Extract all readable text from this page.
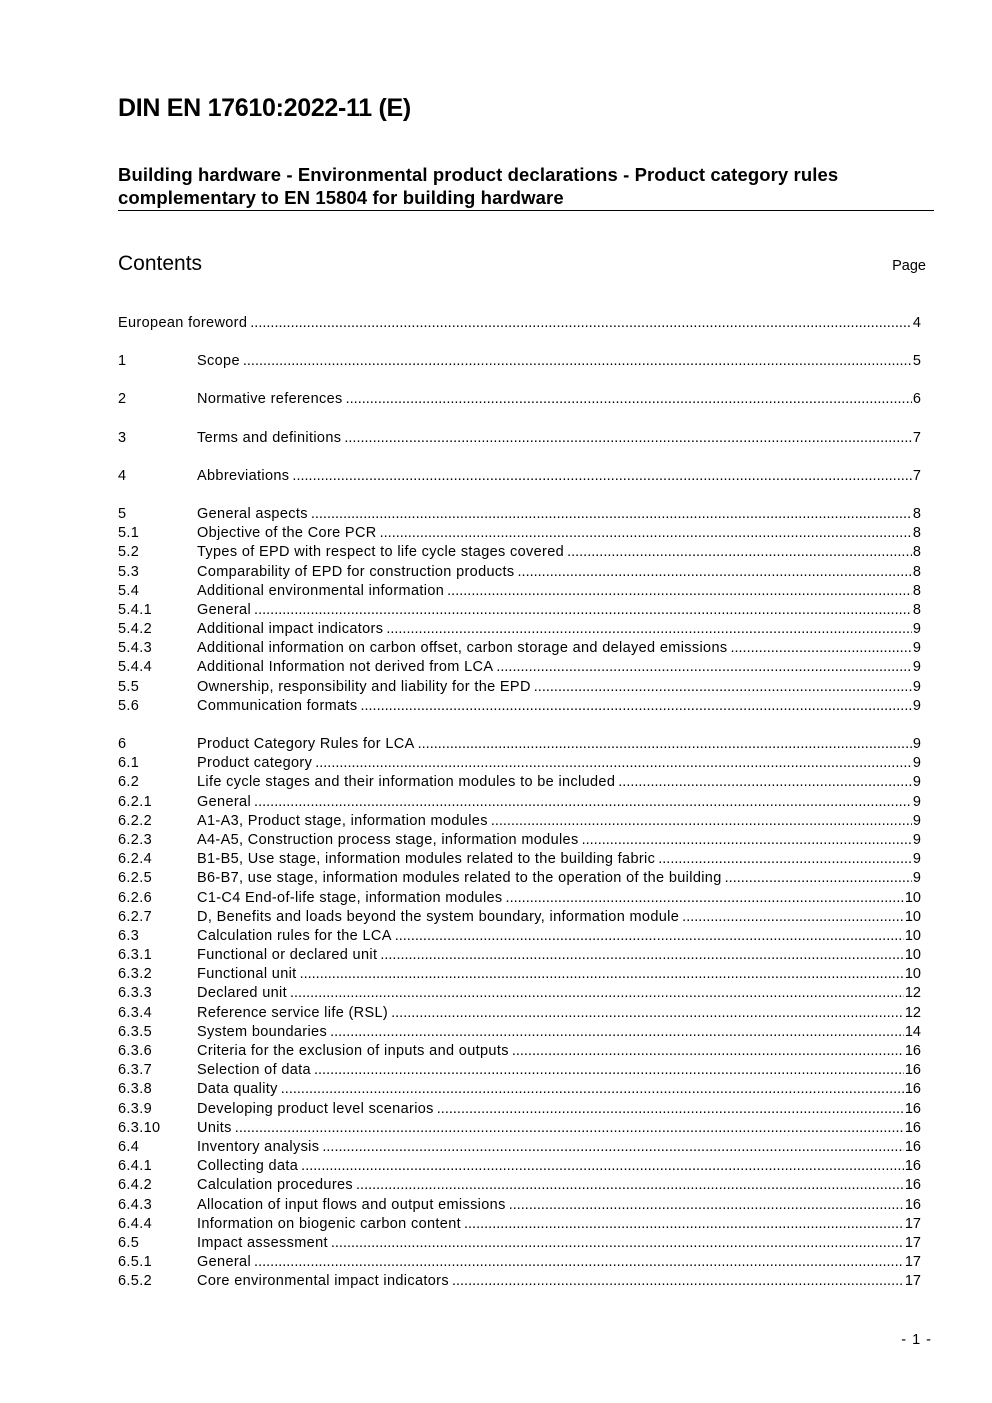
DIN EN 17610:2022-11 (E)
Building hardware - Environmental product declarations - Product category rules
complementary to EN 15804 for building hardware
Contents	Page
European foreword .....	4
1	Scope .....	5
2	Normative references .....	6
3	Terms and definitions .....	7
4	Abbreviations .....	7
5	General aspects .....	8
5.1	Objective of the Core PCR .....	8
5.2	Types of EPD with respect to life cycle stages covered .....	8
5.3	Comparability of EPD for construction products .....	8
5.4	Additional environmental information .....	8
5.4.1	General .....	8
5.4.2	Additional impact indicators .....	9
5.4.3	Additional information on carbon offset, carbon storage and delayed emissions .....	9
5.4.4	Additional Information not derived from LCA .....	9
5.5	Ownership, responsibility and liability for the EPD .....	9
5.6	Communication formats .....	9
6	Product Category Rules for LCA .....	9
6.1	Product category .....	9
6.2	Life cycle stages and their information modules to be included .....	9
6.2.1	General .....	9
6.2.2	A1-A3, Product stage, information modules .....	9
6.2.3	A4-A5, Construction process stage, information modules .....	9
6.2.4	B1-B5, Use stage, information modules related to the building fabric .....	9
6.2.5	B6-B7, use stage, information modules related to the operation of the building .....	9
6.2.6	C1-C4 End-of-life stage, information modules .....	10
6.2.7	D, Benefits and loads beyond the system boundary, information module .....	10
6.3	Calculation rules for the LCA .....	10
6.3.1	Functional or declared unit .....	10
6.3.2	Functional unit .....	10
6.3.3	Declared unit .....	12
6.3.4	Reference service life (RSL) .....	12
6.3.5	System boundaries .....	14
6.3.6	Criteria for the exclusion of inputs and outputs .....	16
6.3.7	Selection of data .....	16
6.3.8	Data quality .....	16
6.3.9	Developing product level scenarios .....	16
6.3.10	Units .....	16
6.4	Inventory analysis .....	16
6.4.1	Collecting data .....	16
6.4.2	Calculation procedures .....	16
6.4.3	Allocation of input flows and output emissions .....	16
6.4.4	Information on biogenic carbon content .....	17
6.5	Impact assessment .....	17
6.5.1	General .....	17
6.5.2	Core environmental impact indicators .....	17
- 1 -
